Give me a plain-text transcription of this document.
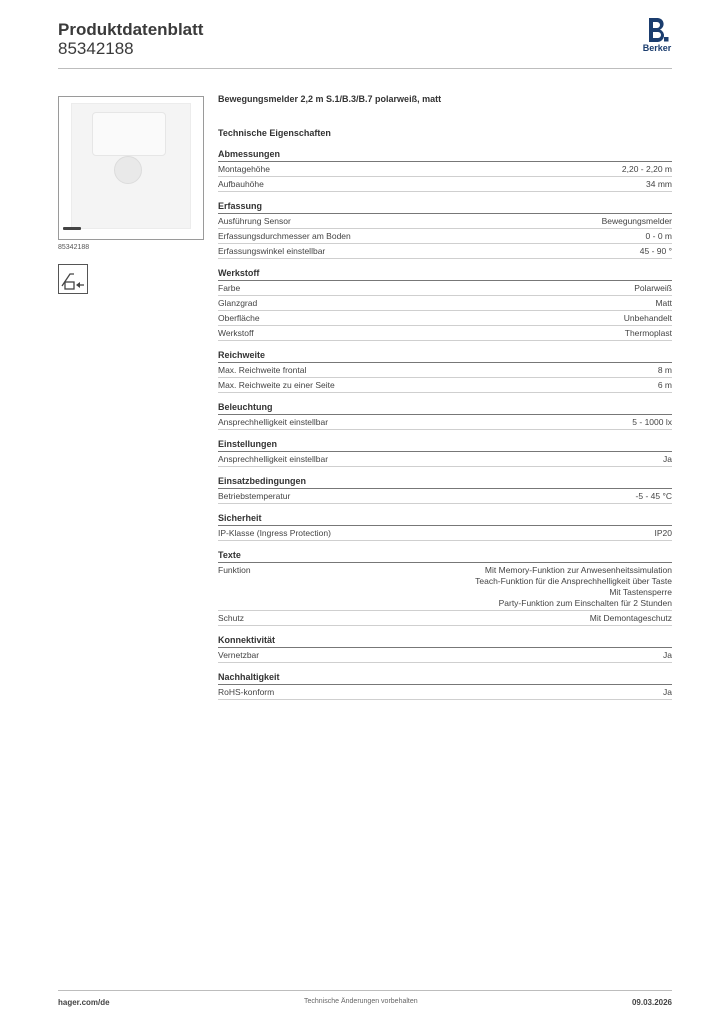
Produktdatenblatt
85342188	Berker
85342188
Bewegungsmelder 2,2 m S.1/B.3/B.7 polarweiß, matt
Technische Eigenschaften
Abmessungen
Montagehöhe	2,20 - 2,20 m
Aufbauhöhe	34 mm
Erfassung
Ausführung Sensor	Bewegungsmelder
Erfassungsdurchmesser am Boden	0 - 0 m
Erfassungswinkel einstellbar	45 - 90 °
Werkstoff
Farbe	Polarweiß
Glanzgrad	Matt
Oberfläche	Unbehandelt
Werkstoff	Thermoplast
Reichweite
Max. Reichweite frontal	8 m
Max. Reichweite zu einer Seite	6 m
Beleuchtung
Ansprechhelligkeit einstellbar	5 - 1000 lx
Einstellungen
Ansprechhelligkeit einstellbar	Ja
Einsatzbedingungen
Betriebstemperatur	-5 - 45 °C
Sicherheit
IP-Klasse (Ingress Protection)	IP20
Texte
Funktion	Mit Memory-Funktion zur Anwesenheitssimulation
Teach-Funktion für die Ansprechhelligkeit über Taste
Mit Tastensperre
Party-Funktion zum Einschalten für 2 Stunden
Schutz	Mit Demontageschutz
Konnektivität
Vernetzbar	Ja
Nachhaltigkeit
RoHS-konform	Ja
hager.com/de	Technische Änderungen vorbehalten	09.03.2026
